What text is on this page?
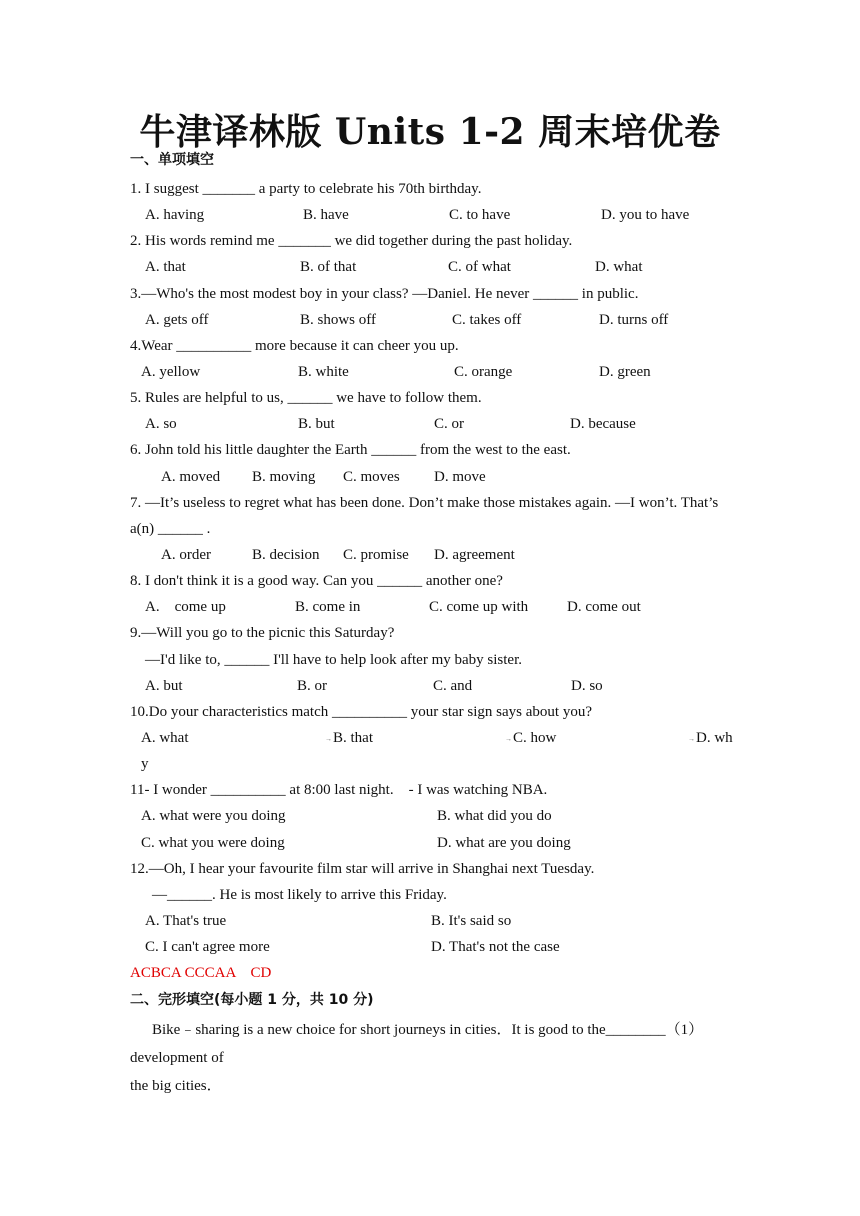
牛津译林版 Units 1-2 周末培优卷
一、单项填空
1. I suggest _______ a party to celebrate his 70th birthday.
A. having	B. have	C. to have	D. you to have
2. His words remind me _______ we did together during the past holiday.
A. that	B. of that	C. of what	D. what
3.—Who's the most modest boy in your class? —Daniel. He never ______ in public.
A. gets off	B. shows off	C. takes off	D. turns off
4.Wear __________ more because it can cheer you up.
A. yellow	B. white	C. orange	D. green
5. Rules are helpful to us, ______ we have to follow them.
A. so	B. but	C. or	D. because
6. John told his little daughter the Earth ______ from the west to the east.
A. moved B. moving C. moves D. move
7. —It’s useless to regret what has been done. Don’t make those mistakes again. —I won’t. That’s
a(n) ______ .
A. order	B. decision C. promise D. agreement
8. I don't think it is a good way. Can you ______ another one?
A.    come up	B. come in	C. come up with	D. come out
9.—Will you go to the picnic this Saturday?
—I'd like to, ______ I'll have to help look after my baby sister.
A. but	B. or	C. and	D. so
10.Do your characteristics match __________ your star sign says about you?
A. what	→B. that	→C. how	→D. wh
y
11- I wonder __________ at 8:00 last night.    - I was watching NBA.
A. what were you doing	B. what did you do
C. what you were doing	D. what are you doing
12.—Oh, I hear your favourite film star will arrive in Shanghai next Tuesday.
—______. He is most likely to arrive this Friday.
A. That's true	B. It's said so
C. I can't agree more	D. That's not the case
ACBCA CCCAA    CD
二、完形填空(每小题 1 分，共 10 分)
Bike﹣sharing is a new choice for short journeys in cities．It is good to the________（1）
development of
the big cities．
